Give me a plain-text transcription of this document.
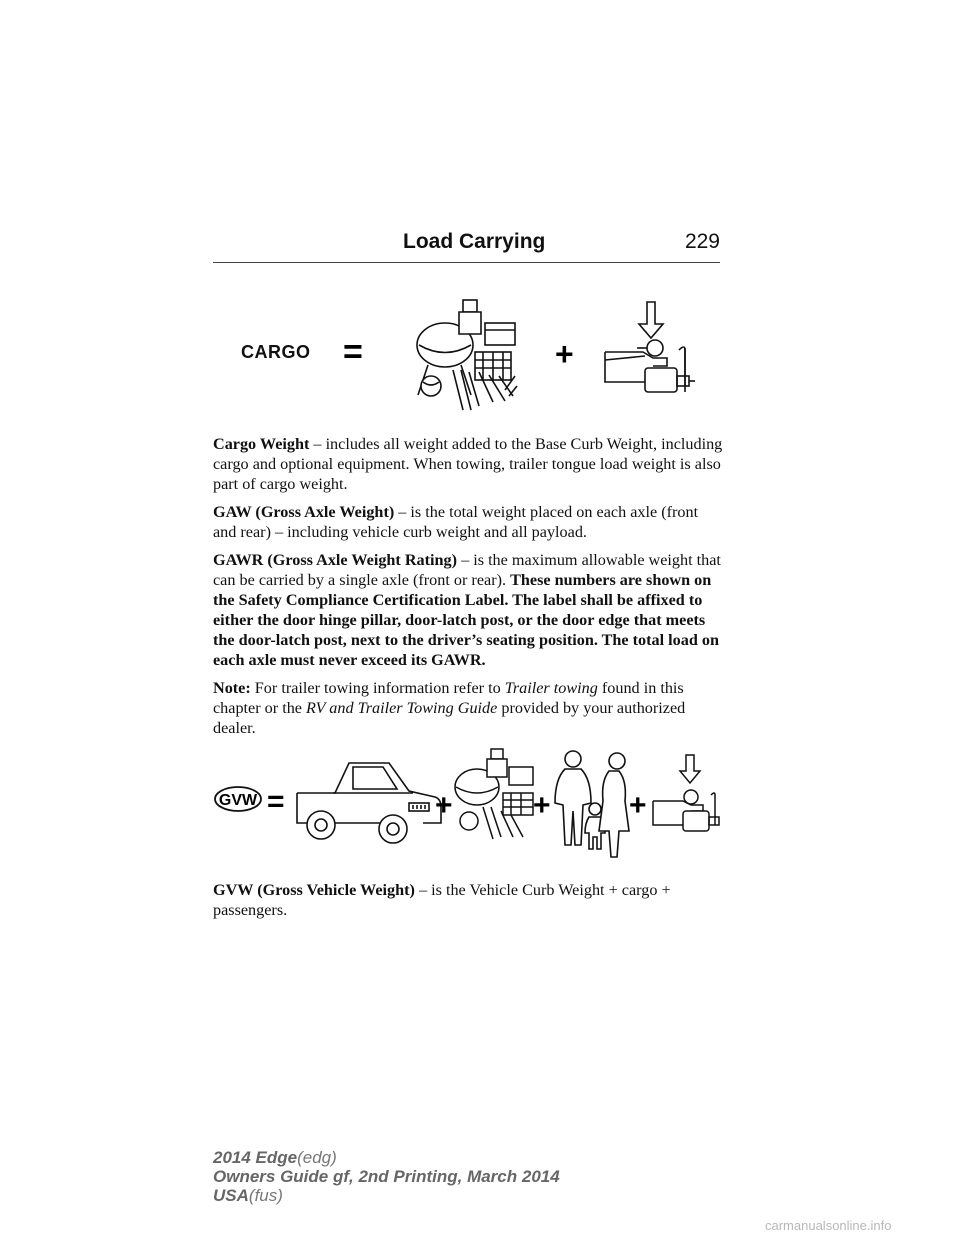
Load Carrying	229
CARGO =	+

Cargo Weight – includes all weight added to the Base Curb Weight, including cargo and optional equipment. When towing, trailer tongue load weight is also part of cargo weight.

GAW (Gross Axle Weight) – is the total weight placed on each axle (front and rear) – including vehicle curb weight and all payload.

GAWR (Gross Axle Weight Rating) – is the maximum allowable weight that can be carried by a single axle (front or rear). These numbers are shown on the Safety Compliance Certification Label. The label shall be affixed to either the door hinge pillar, door-latch post, or the door edge that meets the door-latch post, next to the driver’s seating position. The total load on each axle must never exceed its GAWR.

Note: For trailer towing information refer to Trailer towing found in this chapter or the RV and Trailer Towing Guide provided by your authorized dealer.

GVW =	+	+	+

GVW (Gross Vehicle Weight) – is the Vehicle Curb Weight + cargo + passengers.

2014 Edge(edg)
Owners Guide gf, 2nd Printing, March 2014
USA(fus)
carmanualsonline.info
